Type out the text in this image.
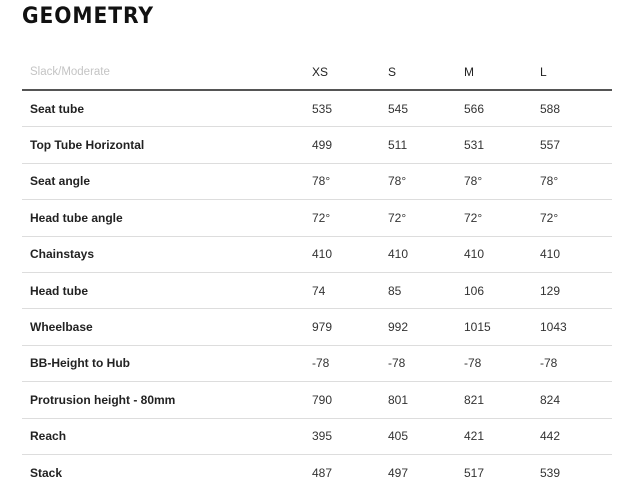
GEOMETRY
Slack/Moderate	XS	S	M	L
Seat tube	535	545	566	588
Top Tube Horizontal	499	511	531	557
Seat angle	78°	78°	78°	78°
Head tube angle	72°	72°	72°	72°
Chainstays	410	410	410	410
Head tube	74	85	106	129
Wheelbase	979	992	1015	1043
BB-Height to Hub	-78	-78	-78	-78
Protrusion height - 80mm	790	801	821	824
Reach	395	405	421	442
Stack	487	497	517	539
